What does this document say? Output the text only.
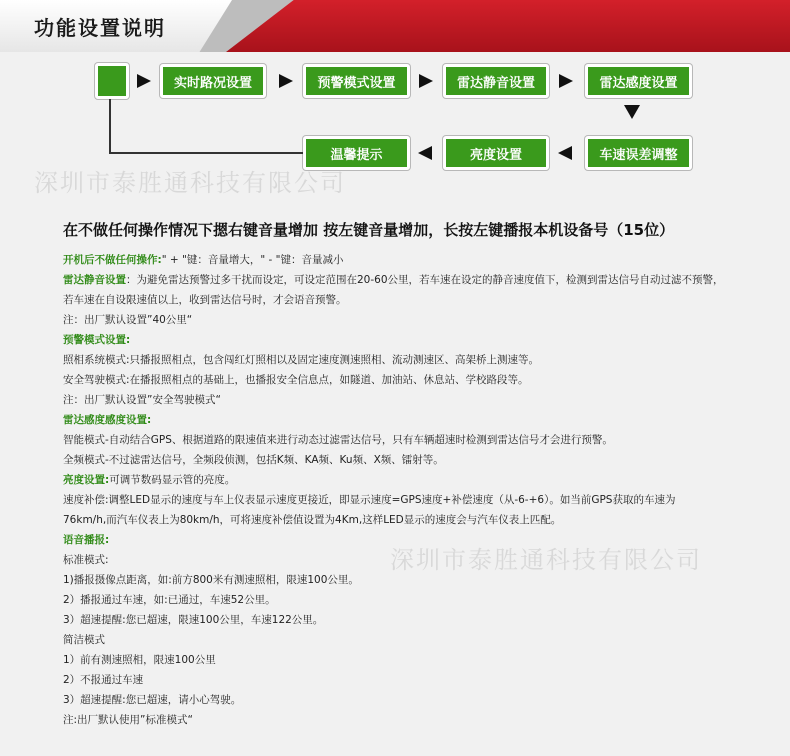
功能设置说明
实时路况设置	预警模式设置	雷达静音设置	雷达感度设置
车速误差调整
亮度设置
温馨提示
深圳市泰胜通科技有限公司
深圳市泰胜通科技有限公司
在不做任何操作情况下摁右键音量增加 按左键音量增加，长按左键播报本机设备号（15位）
开机后不做任何操作:" + "键：音量增大，" - "键：音量减小
雷达静音设置：为避免雷达预警过多干扰而设定，可设定范围在20-60公里，若车速在设定的静音速度值下，检测到雷达信号自动过滤不预警，
若车速在自设限速值以上，收到雷达信号时，才会语音预警。
注：出厂默认设置”40公里“
预警模式设置:
照相系统模式:只播报照相点，包含闯红灯照相以及固定速度测速照相、流动测速区、高架桥上测速等。
安全驾驶模式:在播报照相点的基础上，也播报安全信息点，如隧道、加油站、休息站、学校路段等。
注：出厂默认设置”安全驾驶模式“
雷达感度感度设置:
智能模式-自动结合GPS、根据道路的限速值来进行动态过滤雷达信号，只有车辆超速时检测到雷达信号才会进行预警。
全频模式-不过滤雷达信号，全频段侦测，包括K频、KA频、Ku频、X频、镭射等。
亮度设置:可调节数码显示管的亮度。
速度补偿:调整LED显示的速度与车上仪表显示速度更接近，即显示速度=GPS速度+补偿速度（从-6-+6）。如当前GPS获取的车速为
76km/h,而汽车仪表上为80km/h，可将速度补偿值设置为4Km,这样LED显示的速度会与汽车仪表上匹配。
语音播报:
标准模式:
1)播报摄像点距离，如:前方800米有测速照相，限速100公里。
2）播报通过车速，如:已通过，车速52公里。
3）超速提醒:您已超速，限速100公里，车速122公里。
简洁模式
1）前有测速照相，限速100公里
2）不报通过车速
3）超速提醒:您已超速，请小心驾驶。
注:出厂默认使用”标准模式“
